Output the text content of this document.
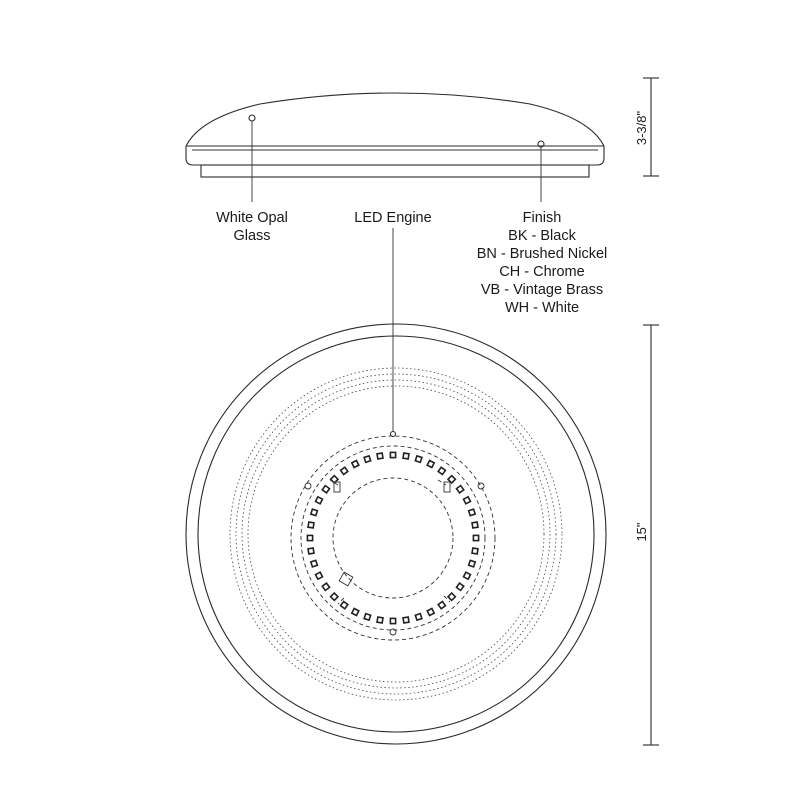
White Opal
Glass
LED Engine	Finish
BK - Black
BN - Brushed Nickel
CH - Chrome
VB - Vintage Brass
WH - White
3-3/8"
15"
